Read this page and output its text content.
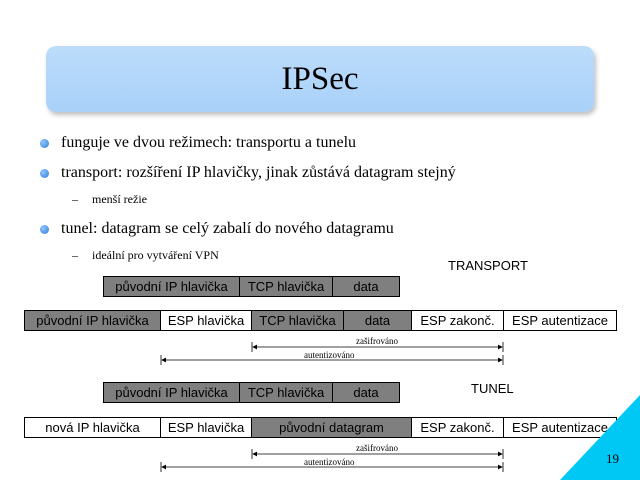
IPSec
funguje ve dvou režimech: transportu a tunelu
transport: rozšíření IP hlavičky, jinak zůstává datagram stejný
– menší režie
tunel: datagram se celý zabalí do nového datagramu
– ideální pro vytváření VPN
TRANSPORT
původní IP hlavička	TCP hlavička	data
původní IP hlavička	ESP hlavička	TCP hlavička	data	ESP zakonč.	ESP autentizace
zašifrováno
autentizováno
TUNEL
původní IP hlavička	TCP hlavička	data
nová IP hlavička	ESP hlavička	původní datagram	ESP zakonč.	ESP autentizace
zašifrováno
autentizováno	19
